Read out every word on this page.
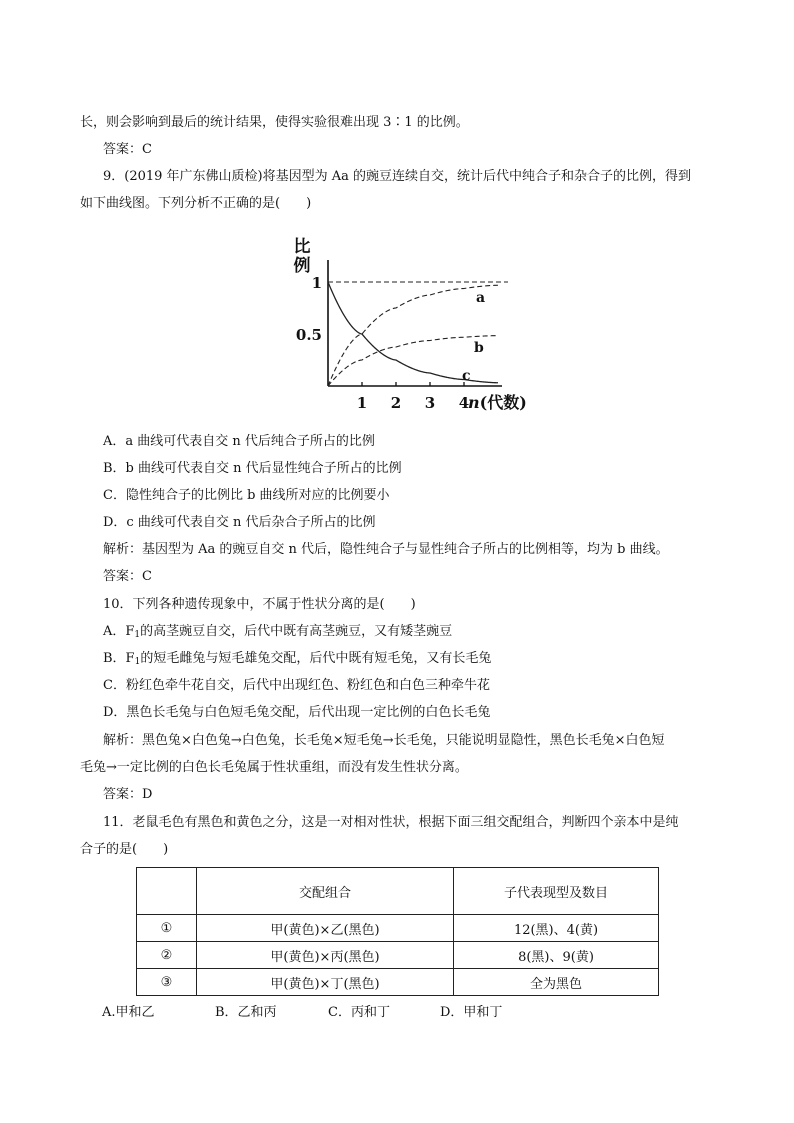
长，则会影响到最后的统计结果，使得实验很难出现 3∶1 的比例。
答案：C
9．(2019 年广东佛山质检)将基因型为 Aa 的豌豆连续自交，统计后代中纯合子和杂合子的比例，得到
如下曲线图。下列分析不正确的是(　　)
1 2 3 4
0.5
1
比
例
n(代数)
a
b
c
A．a 曲线可代表自交 n 代后纯合子所占的比例
B．b 曲线可代表自交 n 代后显性纯合子所占的比例
C．隐性纯合子的比例比 b 曲线所对应的比例要小
D．c 曲线可代表自交 n 代后杂合子所占的比例
解析：基因型为 Aa 的豌豆自交 n 代后，隐性纯合子与显性纯合子所占的比例相等，均为 b 曲线。
答案：C
10．下列各种遗传现象中，不属于性状分离的是(　　)
A．$F_1$的高茎豌豆自交，后代中既有高茎豌豆，又有矮茎豌豆
B．$F_1$的短毛雌兔与短毛雄兔交配，后代中既有短毛兔，又有长毛兔
C．粉红色牵牛花自交，后代中出现红色、粉红色和白色三种牵牛花
D．黑色长毛兔与白色短毛兔交配，后代出现一定比例的白色长毛兔
解析：黑色兔×白色兔→白色兔，长毛兔×短毛兔→长毛兔，只能说明显隐性，黑色长毛兔×白色短
毛兔→一定比例的白色长毛兔属于性状重组，而没有发生性状分离。
答案：D
11．老鼠毛色有黑色和黄色之分，这是一对相对性状，根据下面三组交配组合，判断四个亲本中是纯
合子的是(　　)
	交配组合	子代表现型及数目
①	甲(黄色)×乙(黑色)	12(黑)、4(黄)
②	甲(黄色)×丙(黑色)	8(黑)、9(黄)
③	甲(黄色)×丁(黑色)	全为黑色
A.甲和乙	B．乙和丙	C．丙和丁	D．甲和丁
